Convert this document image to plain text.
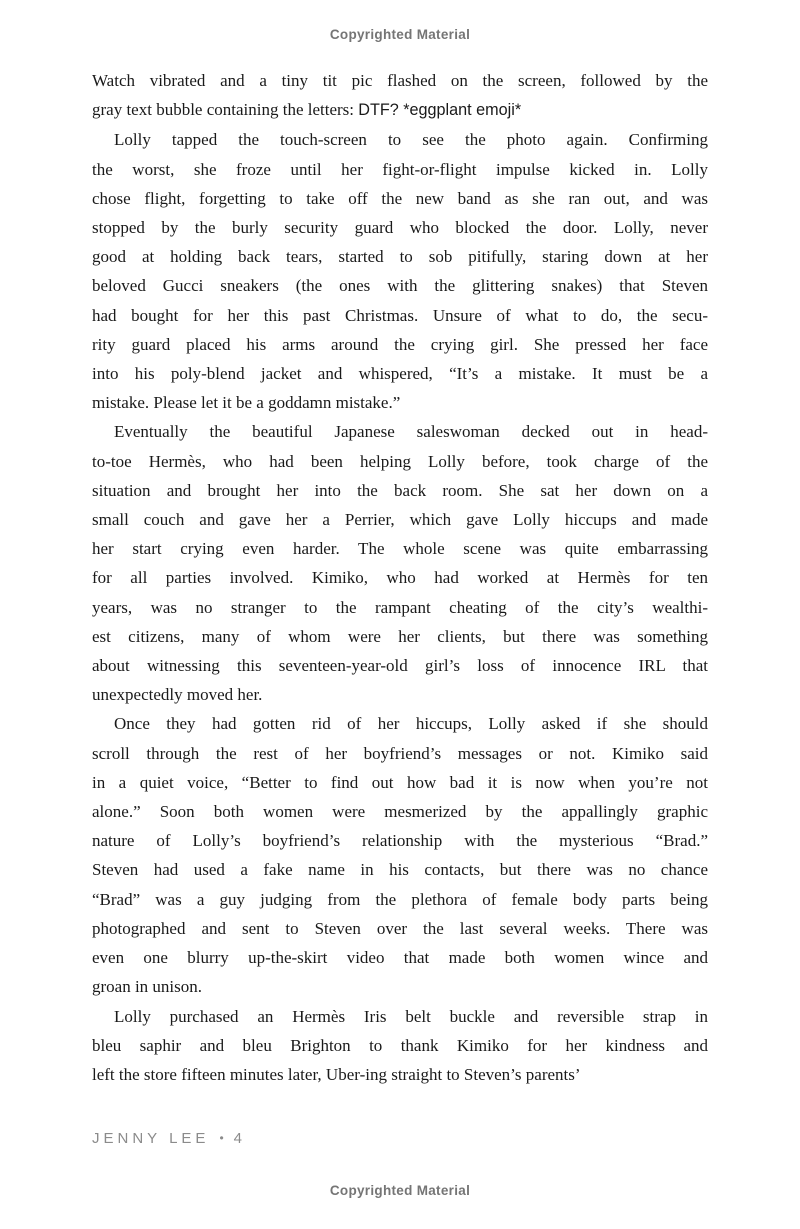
Copyrighted Material
Watch vibrated and a tiny tit pic flashed on the screen, followed by the
gray text bubble containing the letters: DTF? *eggplant emoji*
Lolly tapped the touch-screen to see the photo again. Confirming
the worst, she froze until her fight-or-flight impulse kicked in. Lolly
chose flight, forgetting to take off the new band as she ran out, and was
stopped by the burly security guard who blocked the door. Lolly, never
good at holding back tears, started to sob pitifully, staring down at her
beloved Gucci sneakers (the ones with the glittering snakes) that Steven
had bought for her this past Christmas. Unsure of what to do, the secu-
rity guard placed his arms around the crying girl. She pressed her face
into his poly-blend jacket and whispered, “It’s a mistake. It must be a
mistake. Please let it be a goddamn mistake.”
Eventually the beautiful Japanese saleswoman decked out in head-
to-toe Hermès, who had been helping Lolly before, took charge of the
situation and brought her into the back room. She sat her down on a
small couch and gave her a Perrier, which gave Lolly hiccups and made
her start crying even harder. The whole scene was quite embarrassing
for all parties involved. Kimiko, who had worked at Hermès for ten
years, was no stranger to the rampant cheating of the city’s wealthi-
est citizens, many of whom were her clients, but there was something
about witnessing this seventeen-year-old girl’s loss of innocence IRL that
unexpectedly moved her.
Once they had gotten rid of her hiccups, Lolly asked if she should
scroll through the rest of her boyfriend’s messages or not. Kimiko said
in a quiet voice, “Better to find out how bad it is now when you’re not
alone.” Soon both women were mesmerized by the appallingly graphic
nature of Lolly’s boyfriend’s relationship with the mysterious “Brad.”
Steven had used a fake name in his contacts, but there was no chance
“Brad” was a guy judging from the plethora of female body parts being
photographed and sent to Steven over the last several weeks. There was
even one blurry up-the-skirt video that made both women wince and
groan in unison.
Lolly purchased an Hermès Iris belt buckle and reversible strap in
bleu saphir and bleu Brighton to thank Kimiko for her kindness and
left the store fifteen minutes later, Uber-ing straight to Steven’s parents’
JENNY LEE • 4
Copyrighted Material
